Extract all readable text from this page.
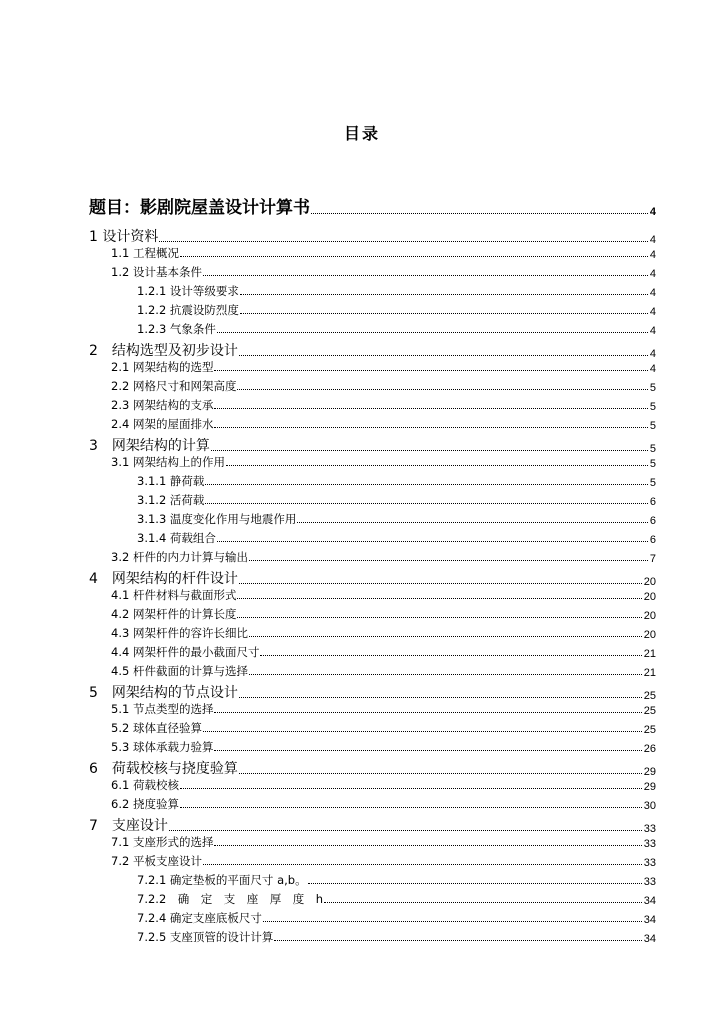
目录
题目：影剧院屋盖设计计算书	4
1 设计资料	4
1.1 工程概况	4
1.2 设计基本条件	4
1.2.1 设计等级要求	4
1.2.2 抗震设防烈度	4
1.2.3 气象条件	4
2　结构选型及初步设计	4
2.1 网架结构的选型	4
2.2 网格尺寸和网架高度	5
2.3 网架结构的支承	5
2.4 网架的屋面排水	5
3　网架结构的计算	5
3.1 网架结构上的作用	5
3.1.1 静荷载	5
3.1.2 活荷载	6
3.1.3 温度变化作用与地震作用	6
3.1.4 荷载组合	6
3.2 杆件的内力计算与输出	7
4　网架结构的杆件设计	20
4.1 杆件材料与截面形式	20
4.2 网架杆件的计算长度	20
4.3 网架杆件的容许长细比	20
4.4 网架杆件的最小截面尺寸	21
4.5 杆件截面的计算与选择	21
5　网架结构的节点设计	25
5.1 节点类型的选择	25
5.2 球体直径验算	25
5.3 球体承载力验算	26
6　荷载校核与挠度验算	29
6.1 荷载校核	29
6.2 挠度验算	30
7　支座设计	33
7.1 支座形式的选择	33
7.2 平板支座设计	33
7.2.1 确定垫板的平面尺寸 a,b。	33
7.2.2　确　定　支　座　厚　度　h	34
7.2.4 确定支座底板尺寸	34
7.2.5 支座顶管的设计计算	34
